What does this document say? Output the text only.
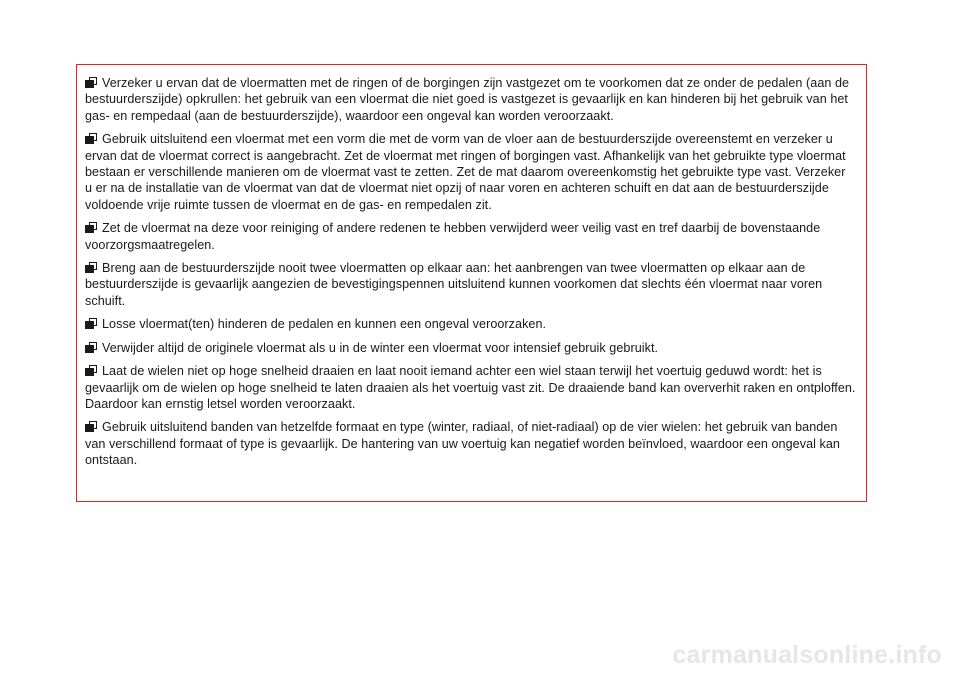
Verzeker u ervan dat de vloermatten met de ringen of de borgingen zijn vastgezet om te voorkomen dat ze onder de pedalen (aan de bestuurderszijde) opkrullen: het gebruik van een vloermat die niet goed is vastgezet is gevaarlijk en kan hinderen bij het gebruik van het gas- en rempedaal (aan de bestuurderszijde), waardoor een ongeval kan worden veroorzaakt.

Gebruik uitsluitend een vloermat met een vorm die met de vorm van de vloer aan de bestuurderszijde overeenstemt en verzeker u ervan dat de vloermat correct is aangebracht. Zet de vloermat met ringen of borgingen vast. Afhankelijk van het gebruikte type vloermat bestaan er verschillende manieren om de vloermat vast te zetten. Zet de mat daarom overeenkomstig het gebruikte type vast. Verzeker u er na de installatie van de vloermat van dat de vloermat niet opzij of naar voren en achteren schuift en dat aan de bestuurderszijde voldoende vrije ruimte tussen de vloermat en de gas- en rempedalen zit.

Zet de vloermat na deze voor reiniging of andere redenen te hebben verwijderd weer veilig vast en tref daarbij de bovenstaande voorzorgsmaatregelen.

Breng aan de bestuurderszijde nooit twee vloermatten op elkaar aan: het aanbrengen van twee vloermatten op elkaar aan de bestuurderszijde is gevaarlijk aangezien de bevestigingspennen uitsluitend kunnen voorkomen dat slechts één vloermat naar voren schuift.

Losse vloermat(ten) hinderen de pedalen en kunnen een ongeval veroorzaken.

Verwijder altijd de originele vloermat als u in de winter een vloermat voor intensief gebruik gebruikt.

Laat de wielen niet op hoge snelheid draaien en laat nooit iemand achter een wiel staan terwijl het voertuig geduwd wordt: het is gevaarlijk om de wielen op hoge snelheid te laten draaien als het voertuig vast zit. De draaiende band kan oververhit raken en ontploffen. Daardoor kan ernstig letsel worden veroorzaakt.

Gebruik uitsluitend banden van hetzelfde formaat en type (winter, radiaal, of niet-radiaal) op de vier wielen: het gebruik van banden van verschillend formaat of type is gevaarlijk. De hantering van uw voertuig kan negatief worden beïnvloed, waardoor een ongeval kan ontstaan.

carmanualsonline.info
